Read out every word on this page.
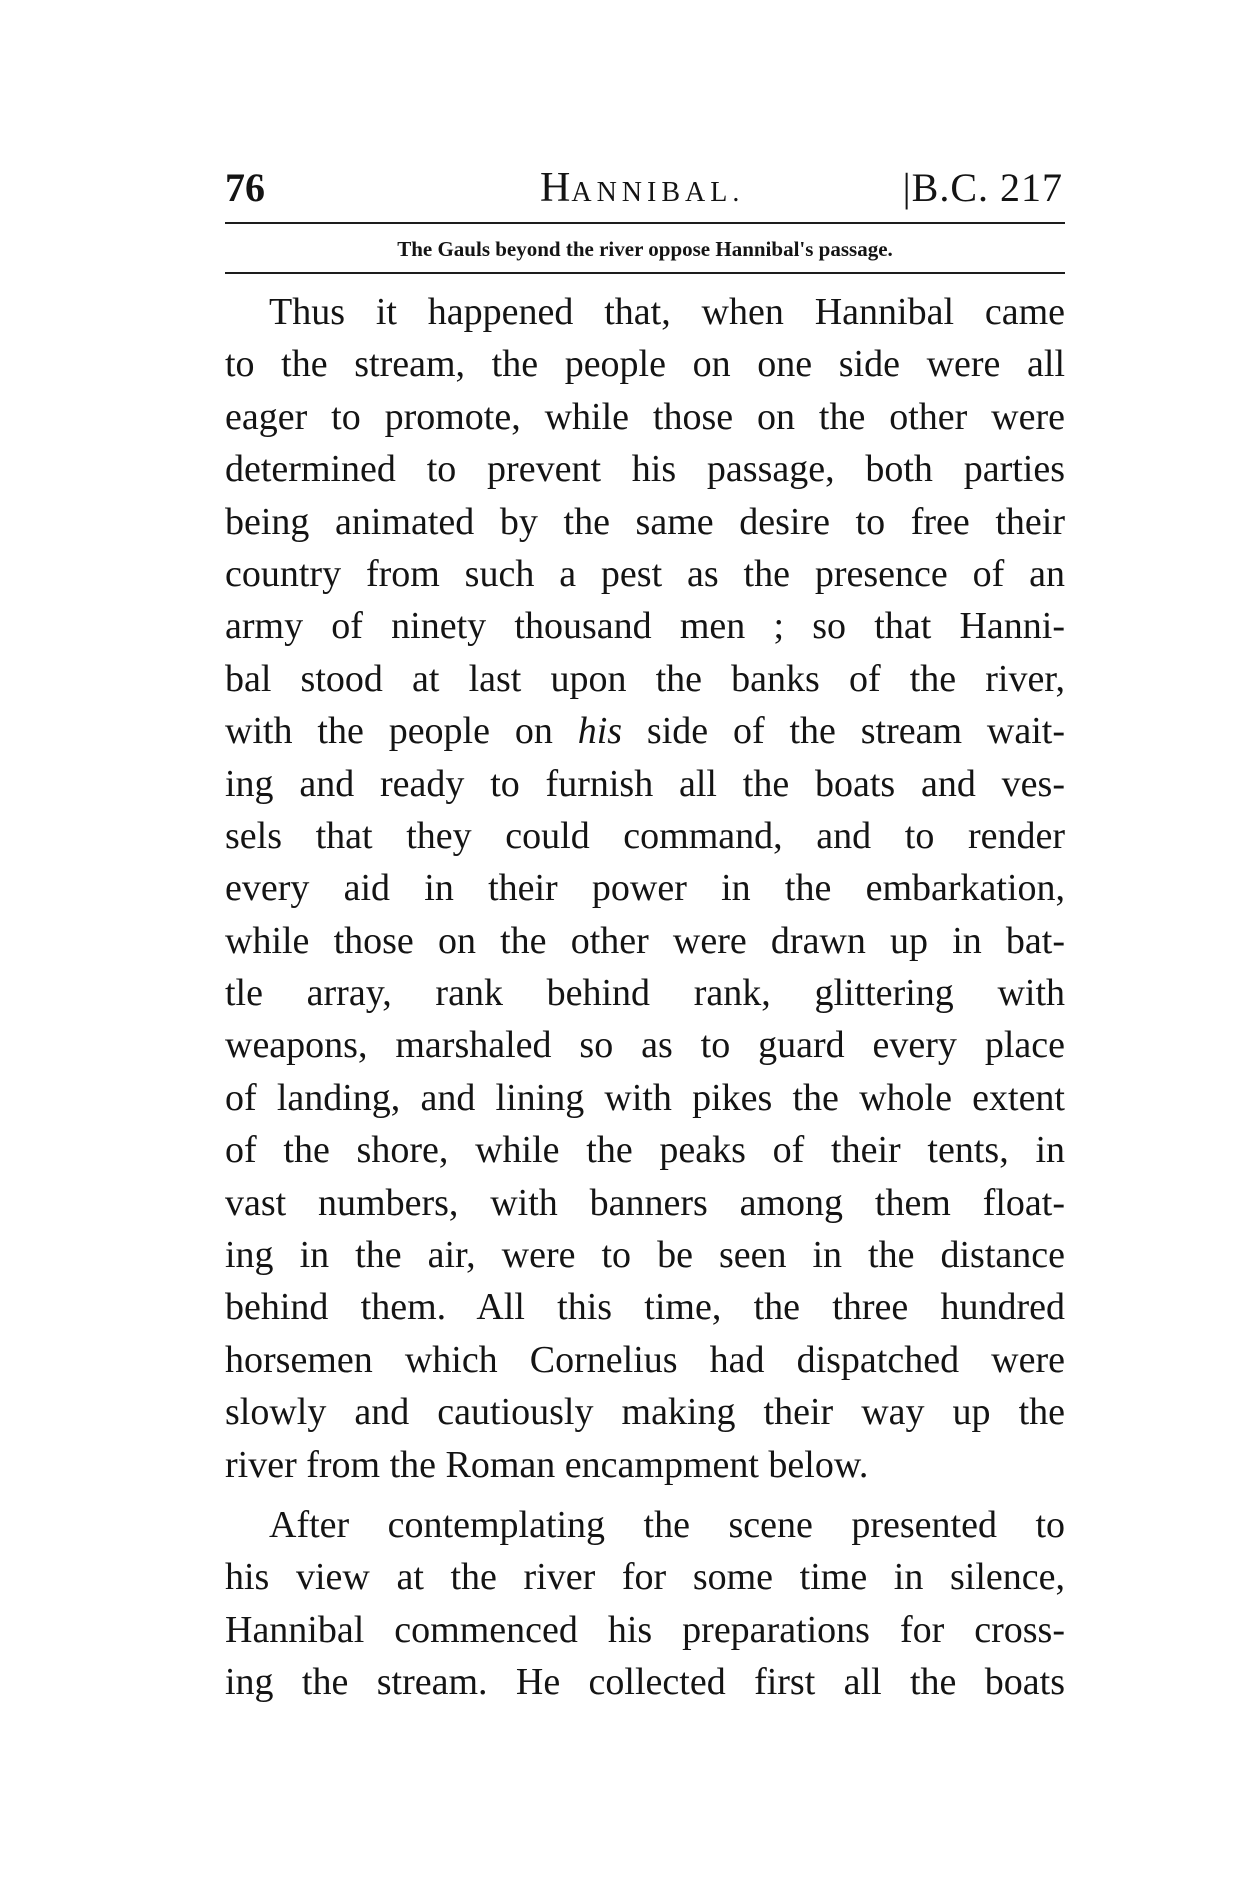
76	HANNIBAL.	|B.C. 217
The Gauls beyond the river oppose Hannibal's passage.
Thus it happened that, when Hannibal came
to the stream, the people on one side were all
eager to promote, while those on the other were
determined to prevent his passage, both parties
being animated by the same desire to free their
country from such a pest as the presence of an
army of ninety thousand men ; so that Hanni-
bal stood at last upon the banks of the river,
with the people on his side of the stream wait-
ing and ready to furnish all the boats and ves-
sels that they could command, and to render
every aid in their power in the embarkation,
while those on the other were drawn up in bat-
tle array, rank behind rank, glittering with
weapons, marshaled so as to guard every place
of landing, and lining with pikes the whole extent
of the shore, while the peaks of their tents, in
vast numbers, with banners among them float-
ing in the air, were to be seen in the distance
behind them. All this time, the three hundred
horsemen which Cornelius had dispatched were
slowly and cautiously making their way up the
river from the Roman encampment below.
After contemplating the scene presented to
his view at the river for some time in silence,
Hannibal commenced his preparations for cross-
ing the stream. He collected first all the boats
